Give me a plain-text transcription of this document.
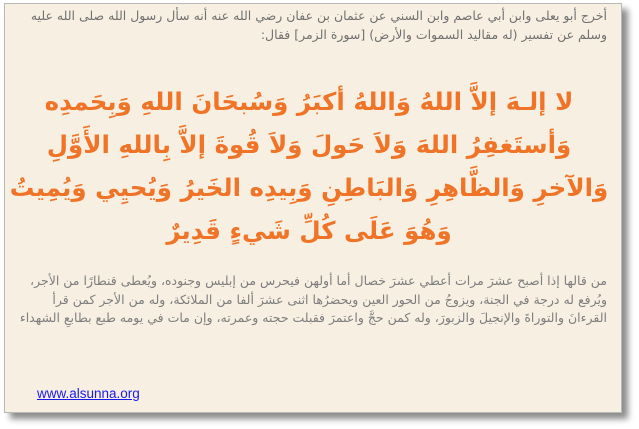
أخرج أبو يعلى وابن أبي عاصم وابن السني عن عثمان بن عفان رضي الله عنه أنه سأل رسول الله صلى الله عليه وسلم عن تفسير (له مقاليد السموات والأرض) [سورة الزمر] فقال:

لا إلـهَ إلاَّ اللهُ وَاللهُ أكبَرُ وَسُبحَانَ اللهِ وَبِحَمدِه وَأستَغفِرُ اللهَ وَلاَ حَولَ وَلاَ قُوةَ إلاَّ بِاللهِ الأَوَّلِ وَالآخرِ وَالظَّاهِرِ وَالبَاطِنِ وَبِيدِه الخَيرُ وَيُحيِي وَيُمِيتُ وَهُوَ عَلَى كُلِّ شَيءٍ قَدِيرٌ

من قالها إذا أصبح عشرَ مرات أعطي عشرَ خصال أما أولهن فيحرس من إبليس وجنوده، ويُعطى قنطارًا من الأجر، ويُرفع له درجة في الجنة، ويزوجُ من الحور العين ويحضرُها اثنى عشرَ ألفا من الملائكة، وله من الأجر كمن قرأ القرءانَ والتوراةَ والإنجيلَ والزبورَ، وله كمن حجَّ واعتمرَ فقبلت حجته وعمرته، وإن مات في يومه طبع بطابعِ الشهداء

www.alsunna.org
